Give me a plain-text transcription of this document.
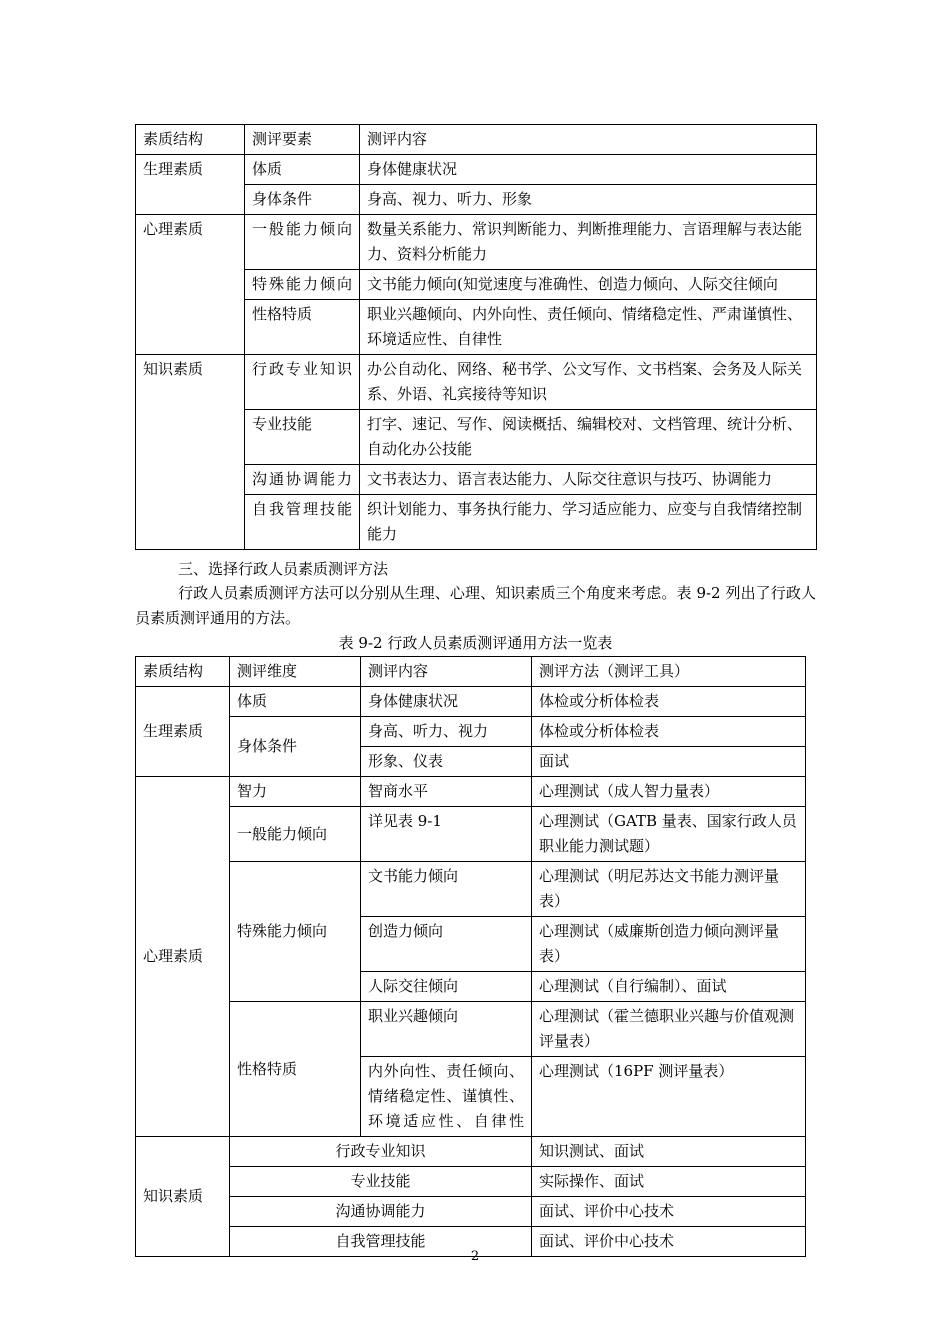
素质结构	测评要素	测评内容
生理素质	体质	身体健康状况
	身体条件	身高、视力、听力、形象
心理素质	一般能力倾向	数量关系能力、常识判断能力、判断推理能力、言语理解与表达能力、资料分析能力
	特殊能力倾向	文书能力倾向(知觉速度与准确性、创造力倾向、人际交往倾向
	性格特质	职业兴趣倾向、内外向性、责任倾向、情绪稳定性、严肃谨慎性、环境适应性、自律性
知识素质	行政专业知识	办公自动化、网络、秘书学、公文写作、文书档案、会务及人际关系、外语、礼宾接待等知识
	专业技能	打字、速记、写作、阅读概括、编辑校对、文档管理、统计分析、自动化办公技能
	沟通协调能力	文书表达力、语言表达能力、人际交往意识与技巧、协调能力
	自我管理技能	织计划能力、事务执行能力、学习适应能力、应变与自我情绪控制能力
三、选择行政人员素质测评方法
行政人员素质测评方法可以分别从生理、心理、知识素质三个角度来考虑。表 9-2 列出了行政人员素质测评通用的方法。
表 9-2 行政人员素质测评通用方法一览表
素质结构	测评维度	测评内容	测评方法（测评工具）
生理素质	体质	身体健康状况	体检或分析体检表
	身体条件	身高、听力、视力	体检或分析体检表
		形象、仪表	面试
心理素质	智力	智商水平	心理测试（成人智力量表）
	一般能力倾向	详见表 9-1	心理测试（GATB 量表、国家行政人员职业能力测试题）
	特殊能力倾向	文书能力倾向	心理测试（明尼苏达文书能力测评量表）
		创造力倾向	心理测试（威廉斯创造力倾向测评量表）
		人际交往倾向	心理测试（自行编制）、面试
	性格特质	职业兴趣倾向	心理测试（霍兰德职业兴趣与价值观测评量表）
		内外向性、责任倾向、情绪稳定性、谨慎性、环境适应性、自律性	心理测试（16PF 测评量表）
知识素质	行政专业知识		知识测试、面试
	专业技能		实际操作、面试
	沟通协调能力		面试、评价中心技术
	自我管理技能		面试、评价中心技术
2
